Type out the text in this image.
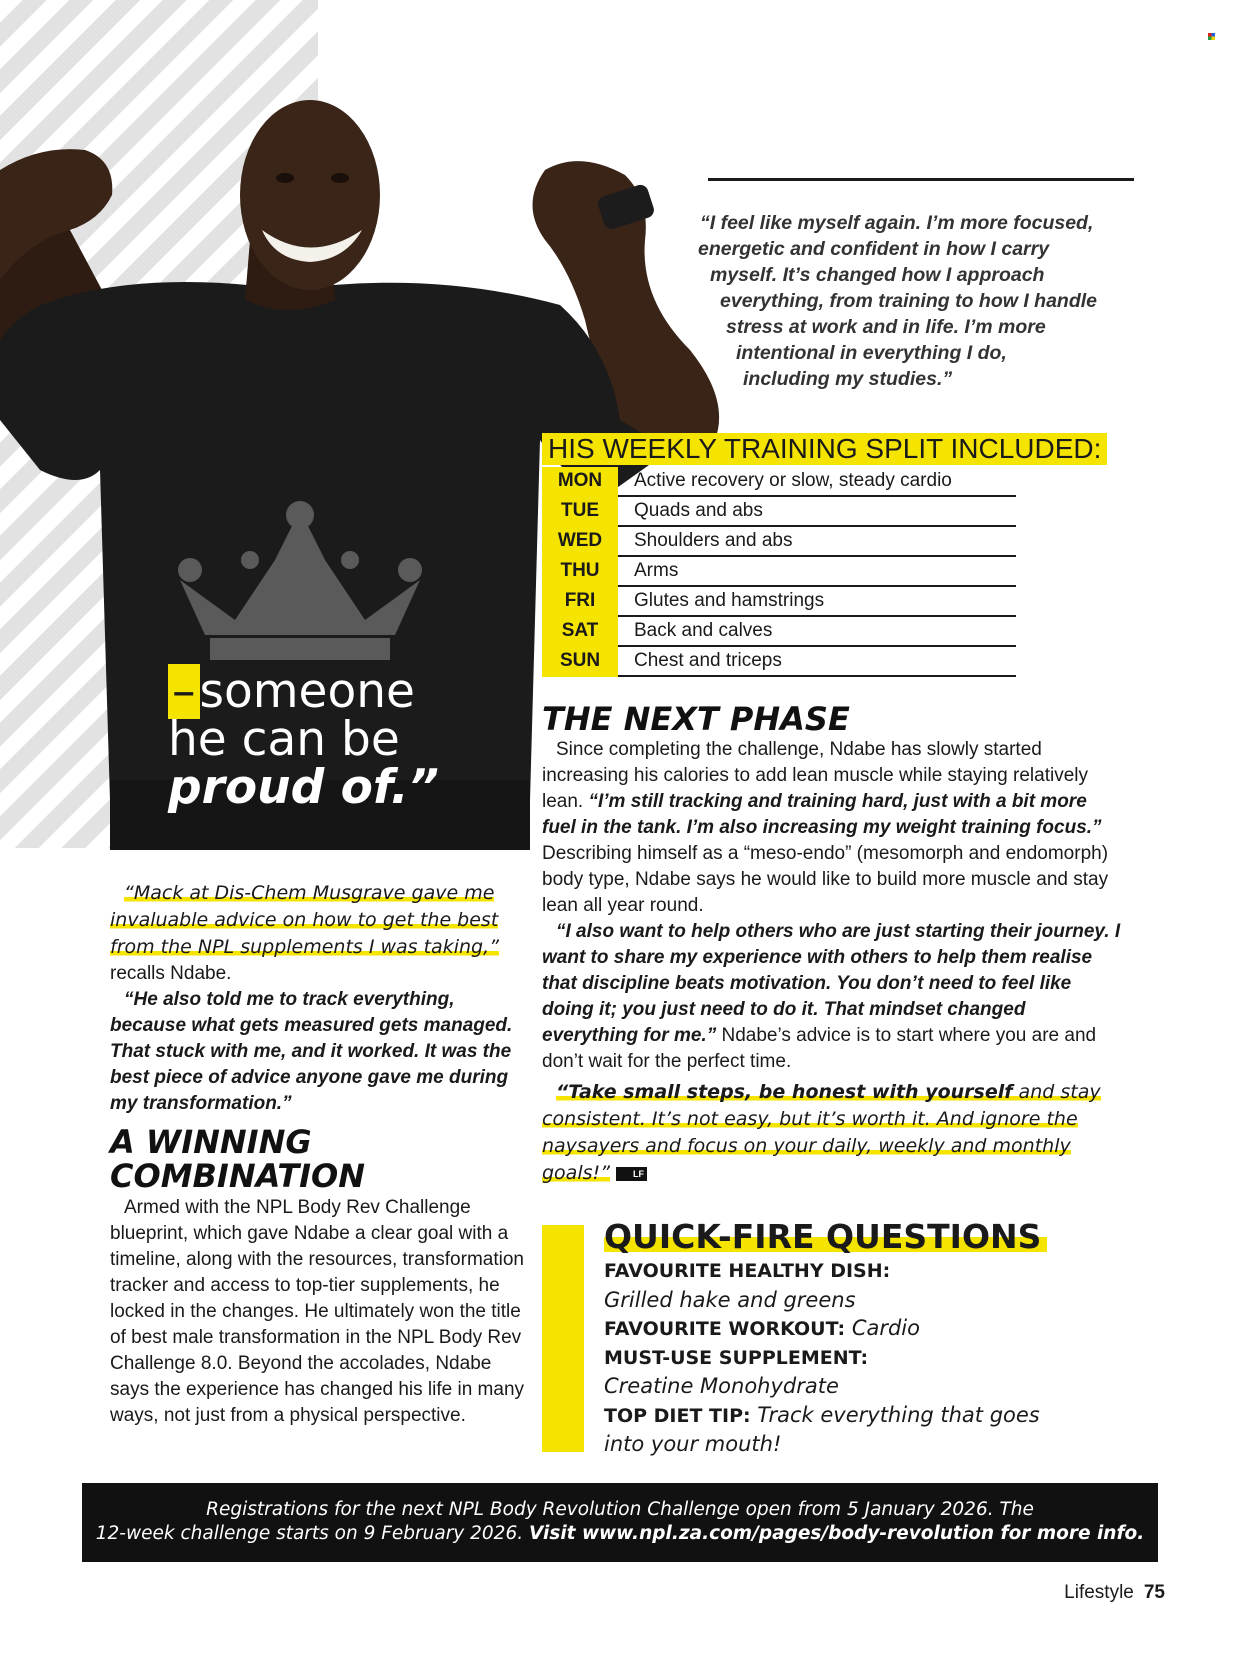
–someone
he can be
proud of.”
“I feel like myself again. I’m more focused,
energetic and confident in how I carry
myself. It’s changed how I approach
everything, from training to how I handle
stress at work and in life. I’m more
intentional in everything I do,
including my studies.”
HIS WEEKLY TRAINING SPLIT INCLUDED:
MON	Active recovery or slow, steady cardio
TUE	Quads and abs
WED	Shoulders and abs
THU	Arms
FRI	Glutes and hamstrings
SAT	Back and calves
SUN	Chest and triceps
THE NEXT PHASE

Since completing the challenge, Ndabe has slowly started increasing his calories to add lean muscle while staying relatively lean. “I’m still tracking and training hard, just with a bit more fuel in the tank. I’m also increasing my weight training focus.” Describing himself as a “meso-endo” (mesomorph and endomorph) body type, Ndabe says he would like to build more muscle and stay lean all year round.

“I also want to help others who are just starting their journey. I want to share my experience with others to help them realise that discipline beats motivation. You don’t need to feel like doing it; you just need to do it. That mindset changed everything for me.” Ndabe’s advice is to start where you are and don’t wait for the perfect time.

“Take small steps, be honest with yourself and stay consistent. It’s not easy, but it’s worth it. And ignore the naysayers and focus on your daily, weekly and monthly goals!”	LF

“Mack at Dis-Chem Musgrave gave me invaluable advice on how to get the best from the NPL supplements I was taking,” recalls Ndabe.

“He also told me to track everything, because what gets measured gets managed. That stuck with me, and it worked. It was the best piece of advice anyone gave me during my transformation.”

A WINNING
COMBINATION
Armed with the NPL Body Rev Challenge blueprint, which gave Ndabe a clear goal with a timeline, along with the resources, transformation tracker and access to top-tier supplements, he locked in the changes. He ultimately won the title of best male transformation in the NPL Body Rev Challenge 8.0. Beyond the accolades, Ndabe says the experience has changed his life in many ways, not just from a physical perspective.
QUICK-FIRE QUESTIONS
FAVOURITE HEALTHY DISH:
Grilled hake and greens
FAVOURITE WORKOUT: Cardio
MUST-USE SUPPLEMENT:
Creatine Monohydrate
TOP DIET TIP: Track everything that goes into your mouth!
Registrations for the next NPL Body Revolution Challenge open from 5 January 2026. The
12-week challenge starts on 9 February 2026. Visit www.npl.za.com/pages/body-revolution for more info.
Lifestyle 75
